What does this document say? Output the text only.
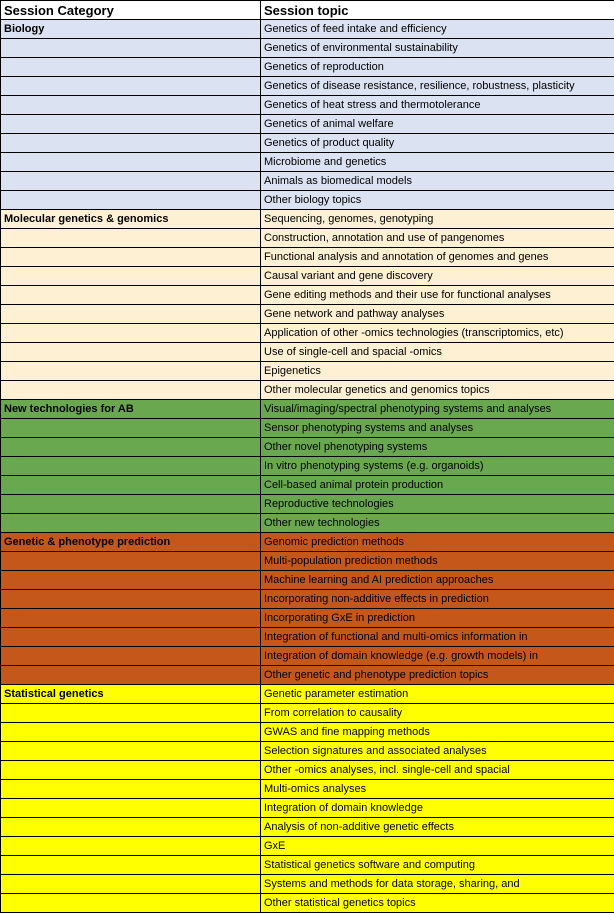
Session Category	Session topic
Biology	Genetics of feed intake and efficiency
	Genetics of environmental sustainability
	Genetics of reproduction
	Genetics of disease resistance, resilience, robustness, plasticity
	Genetics of heat stress and thermotolerance
	Genetics of animal welfare
	Genetics of product quality
	Microbiome and genetics
	Animals as biomedical models
	Other biology topics
Molecular genetics & genomics	Sequencing, genomes, genotyping
	Construction, annotation and use of pangenomes
	Functional analysis and annotation of genomes and genes
	Causal variant and gene discovery
	Gene editing methods and their use for functional analyses
	Gene network and pathway analyses
	Application of other -omics technologies (transcriptomics, etc)
	Use of single-cell and spacial -omics
	Epigenetics
	Other molecular genetics and genomics topics
New technologies for AB	Visual/imaging/spectral phenotyping systems and analyses
	Sensor phenotyping systems and analyses
	Other novel phenotyping systems
	In vitro phenotyping systems (e.g. organoids)
	Cell-based animal protein production
	Reproductive technologies
	Other new technologies
Genetic & phenotype prediction	Genomic prediction methods
	Multi-population prediction methods
	Machine learning and AI prediction approaches
	Incorporating non-additive effects in prediction
	Incorporating GxE in prediction
	Integration of functional and multi-omics information in
	Integration of domain knowledge (e.g. growth models) in
	Other genetic and phenotype prediction topics
Statistical genetics	Genetic parameter estimation
	From correlation to causality
	GWAS and fine mapping methods
	Selection signatures and associated analyses
	Other -omics analyses, incl. single-cell and spacial
	Multi-omics analyses
	Integration of domain knowledge
	Analysis of non-additive genetic effects
	GxE
	Statistical genetics software and computing
	Systems and methods for data storage, sharing, and
	Other statistical genetics topics
